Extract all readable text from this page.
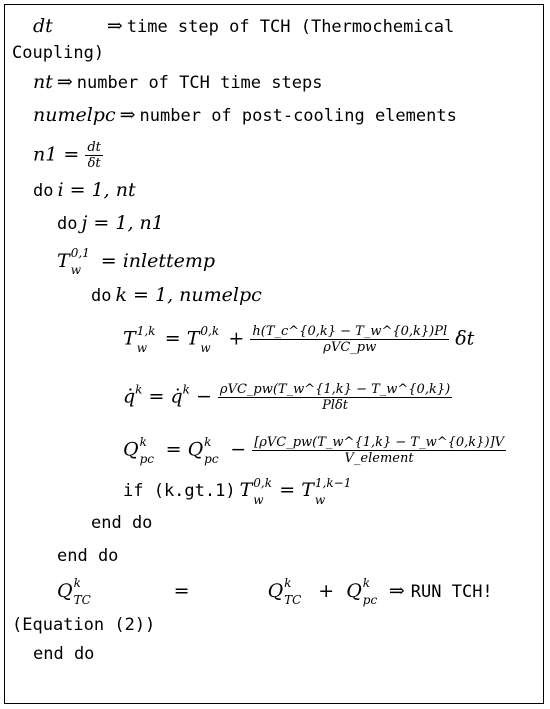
dt	⇒ time step of TCH (Thermochemical
Coupling)
nt ⇒ number of TCH time steps
numelpc ⇒ number of post-cooling elements
$n1 = \frac{dt}{\delta t}$
do i = 1, nt
do j = 1, n1
T 0,1
w = inlettemp
do k = 1, numelpc
T 1,k
w = T 0,k
$w + \frac{h(T\_c\^{}\{0,k\} - T\_w\^{}\{0,k\})Pl}{\text{ρVC\_pw}}$ δt
q̇$^k$ = q̇$^k$ − $\frac{\text{ρVC\_pw(T\_w\textasciicircum{}\{1,k\} − T\_w\textasciicircum{}\{0,k\})}}{\text{Plδt}}$
Q k
pc = Q k
pc − $\frac{\text{[ρVC\_pw(T\_w\textasciicircum{}\{1,k\} − T\_w\textasciicircum{}\{0,k\})]V}}{\text{V\_element}}$
if (k.gt.1) T 0,k
w = T 1,k−1
w
end do
end do
Q k
TC	=	Q k
TC + Q k
pc ⇒ RUN TCH!
(Equation (2))
end do
